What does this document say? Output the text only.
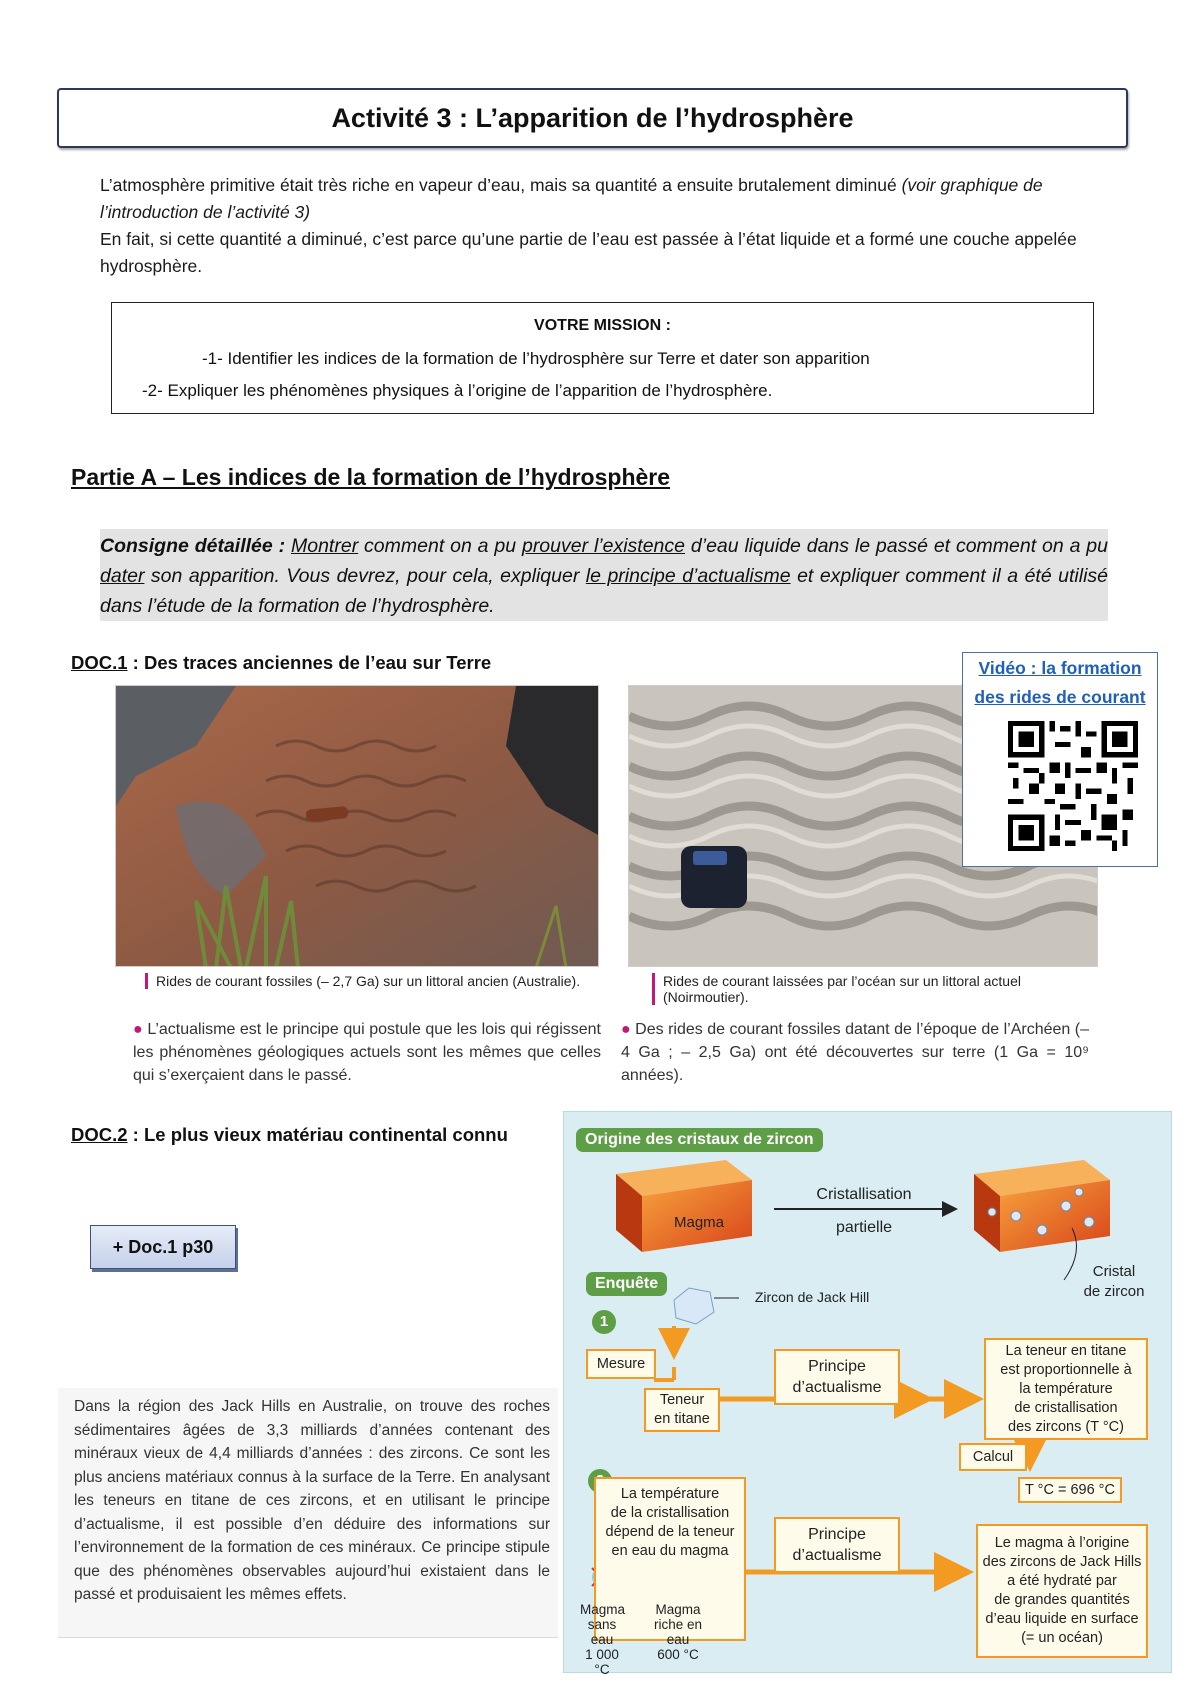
Activité 3 : L’apparition de l’hydrosphère
L’atmosphère primitive était très riche en vapeur d’eau, mais sa quantité a ensuite brutalement diminué (voir graphique de l’introduction de l’activité 3)
En fait, si cette quantité a diminué, c’est parce qu’une partie de l’eau est passée à l’état liquide et a formé une couche appelée hydrosphère.
VOTRE MISSION :
-1- Identifier les indices de la formation de l’hydrosphère sur Terre et dater son apparition
-2- Expliquer les phénomènes physiques à l’origine de l’apparition de l’hydrosphère.
Partie A – Les indices de la formation de l’hydrosphère
Consigne détaillée : Montrer comment on a pu prouver l’existence d’eau liquide dans le passé et comment on a pu dater son apparition. Vous devrez, pour cela, expliquer le principe d’actualisme et expliquer comment il a été utilisé dans l’étude de la formation de l’hydrosphère.
DOC.1 : Des traces anciennes de l’eau sur Terre
Rides de courant fossiles (– 2,7 Ga) sur un littoral ancien (Australie).
● L’actualisme est le principe qui postule que les lois qui régissent les phénomènes géologiques actuels sont les mêmes que celles qui s’exerçaient dans le passé.
Rides de courant laissées par l’océan sur un littoral actuel (Noirmoutier).
● Des rides de courant fossiles datant de l’époque de l’Archéen (– 4 Ga ; – 2,5 Ga) ont été découvertes sur terre (1 Ga = 10⁹ années).
Vidéo : la formation
des rides de courant
DOC.2 : Le plus vieux matériau continental connu
+ Doc.1 p30
Dans la région des Jack Hills en Australie, on trouve des roches sédimentaires âgées de 3,3 milliards d’années contenant des minéraux vieux de 4,4 milliards d’années : des zircons. Ce sont les plus anciens matériaux connus à la surface de la Terre. En analysant les teneurs en titane de ces zircons, et en utilisant le principe d’actualisme, il est possible d’en déduire des informations sur l’environnement de la formation de ces minéraux. Ce principe stipule que des phénomènes observables aujourd’hui existaient dans le passé et produisaient les mêmes effets.
Origine des cristaux de zircon
Magma
Cristallisation
partielle
Cristal
de zircon
Enquête
Zircon de Jack Hill
1
Mesure
Teneur
en titane
Principe
d’actualisme
La teneur en titane
est proportionnelle à
la température
de cristallisation
des zircons (T °C)
Calcul
T °C = 696 °C
La température
de la cristallisation
dépend de la teneur
en eau du magma
Magma
sans eau
1 000 °C
Magma
riche en eau
600 °C
Principe
d’actualisme
Le magma à l’origine
des zircons de Jack Hills
a été hydraté par
de grandes quantités
d’eau liquide en surface
(= un océan)
